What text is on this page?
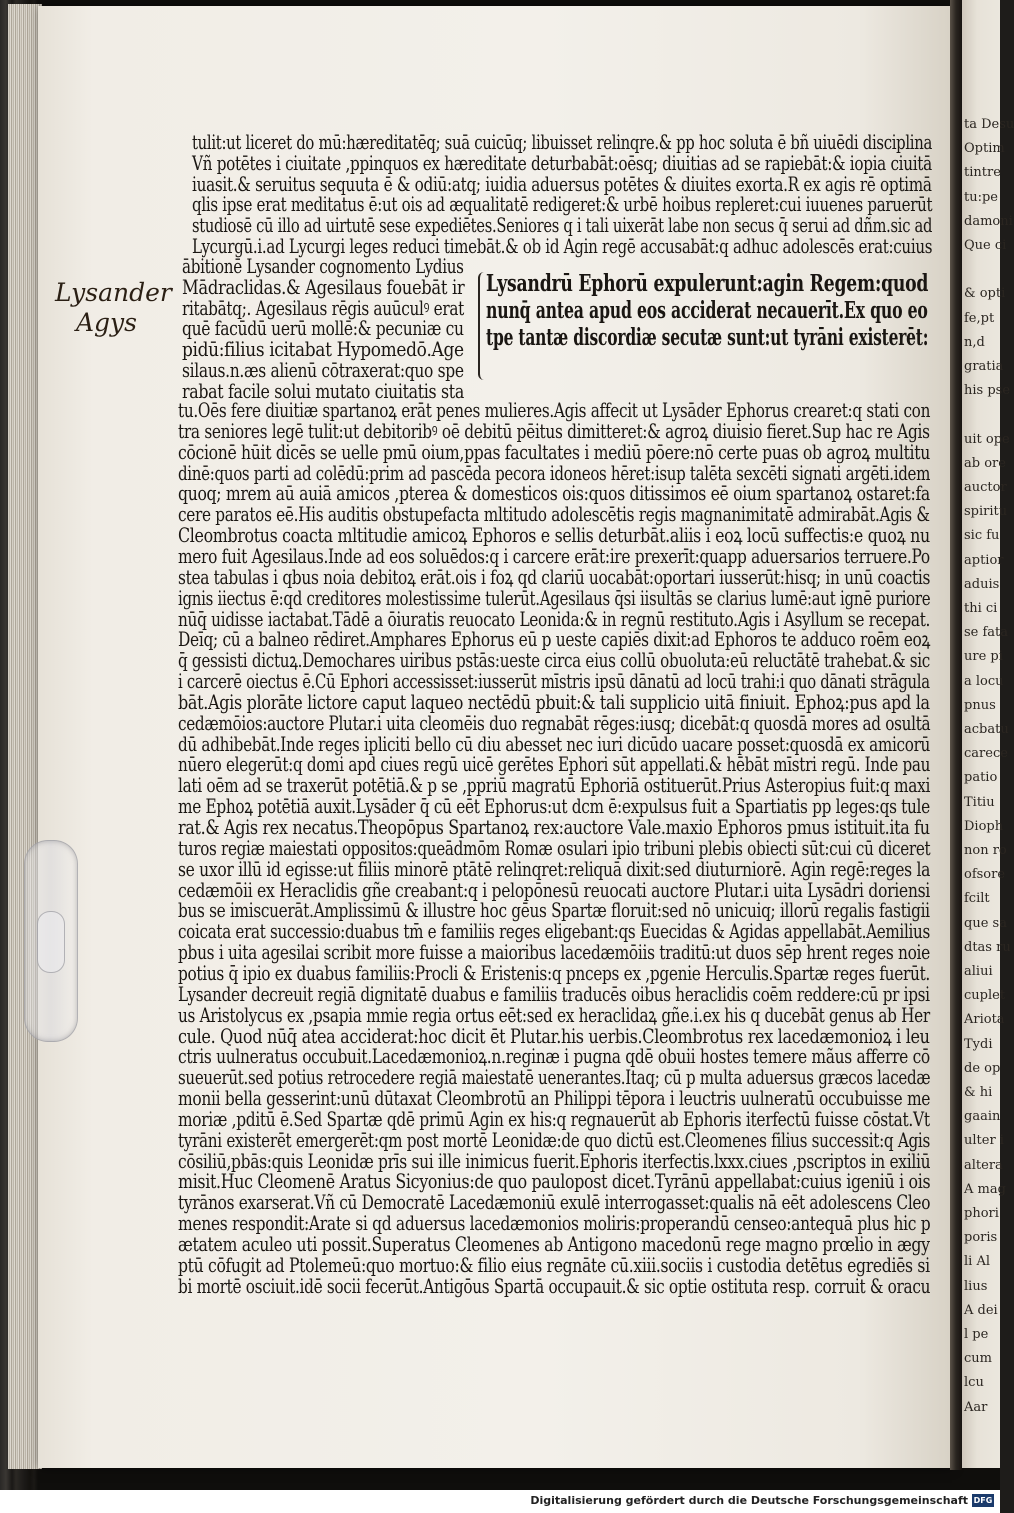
ta Desu
Optim
tintre
tu:pe
damoni
Que ci
& opti
fe,pt
n,d
gratia
his pse
uit ope
ab ore
auctor
spiritu
sic fu
aptior
aduis
thi ci
se fata
ure pi
a locu
pnus
acbatu
carece
patio
Titiu
Dioph
non ro
ofsore
fcilt
que sa
dtas ru
aliui
cuplet
Ariota
Tydi
de op
& hi
gaain
ulter i
altera
A mag
phori
poris
li Al
lius
A dei
l pe
cum
lcu
Aar
Lysander
Agys
tulit:ut liceret do mū:hæreditatēq; suā cuicūq; libuisset relinqre.& pp hoc soluta ē bñ uiuēdi disciplina
Vñ potētes i ciuitate ,ppinquos ex hæreditate deturbabāt:oēsq; diuitias ad se rapiebāt:& iopia ciuitā
iuasit.& seruitus sequuta ē & odiū:atq; iuidia aduersus potētes & diuites exorta.R ex agis rē optimā
qlis ipse erat meditatus ē:ut ois ad æqualitatē redigeret:& urbē hoibus repleret:cui iuuenes paruerūt
studiosē cū illo ad uirtutē sese expediētes.Seniores q i tali uixerāt labe non secus q̄ serui ad dñm.sic ad
Lycurgū.i.ad Lycurgi leges reduci timebāt.& ob id Agin regē accusabāt:q adhuc adolescēs erat:cuius
ābitionē Lysander cognomento Lydius
Mādraclidas.& Agesilaus fouebāt ir
ritabātq;. Agesilaus rēgis auūculꝰ erat
quē facūdū uerū mollē:& pecuniæ cu
pidū:filius icitabat Hypomedō.Age
silaus.n.æs alienū cōtraxerat:quo spe
rabat facile solui mutato ciuitatis sta
Lysandrū Ephorū expulerunt:agin Regem:quod
nunq̄ antea apud eos acciderat necauerīt.Ex quo eo
tpe tantæ discordiæ secutæ sunt:ut tyrāni existerēt:
tu.Oēs fere diuitiæ spartanoꝝ erāt penes mulieres.Agis affecit ut Lysāder Ephorus crearet:q stati con
tra seniores legē tulit:ut debitoribꝰ oē debitū pēitus dimitteret:& agroꝝ diuisio fieret.Sup hac re Agis
cōcionē hūit dicēs se uelle pmū oium,ppas facultates i mediū pōere:nō certe puas ob agroꝝ multitu
dinē:quos parti ad colēdū:prim ad pascēda pecora idoneos hēret:isup talēta sexcēti signati argēti.idem
quoq; mrem aū auiā amicos ,pterea & domesticos ois:quos ditissimos eē oium spartanoꝝ ostaret:fa
cere paratos eē.His auditis obstupefacta mltitudo adolescētis regis magnanimitatē admirabāt.Agis &
Cleombrotus coacta mltitudie amicoꝝ Ephoros e sellis deturbāt.aliis i eoꝝ locū suffectis:e quoꝝ nu
mero fuit Agesilaus.Inde ad eos soluēdos:q i carcere erāt:ire prexerīt:quapp aduersarios terruere.Po
stea tabulas i qbus noia debitoꝝ erāt.ois i foꝝ qd clariū uocabāt:oportari iusserūt:hisq; in unū coactis
ignis iiectus ē:qd creditores molestissime tulerūt.Agesilaus q̄si iisultās se clarius lumē:aut ignē puriore
nūq̄ uidisse iactabat.Tādē a ōiuratis reuocato Leonida:& in regnū restituto.Agis i Asyllum se recepat.
Deīq; cū a balneo rēdiret.Amphares Ephorus eū p ueste capiēs dixit:ad Ephoros te adduco roēm eoꝝ
q̄ gessisti dictuꝝ.Demochares uiribus pstās:ueste circa eius collū obuoluta:eū reluctātē trahebat.& sic
i carcerē oiectus ē.Cū Ephori accessisset:iusserūt mīstris ipsū dānatū ad locū trahi:i quo dānati strāgula
bāt.Agis plorāte lictore caput laqueo nectēdū pbuit:& tali supplicio uitā finiuit. Ephoꝝ:pus apd la
cedæmōios:auctore Plutar.i uita cleomēis duo regnabāt rēges:iusq; dicebāt:q quosdā mores ad osultā
dū adhibebāt.Inde reges ipliciti bello cū diu abesset nec iuri dicūdo uacare posset:quosdā ex amicorū
nūero elegerūt:q domi apd ciues regū uicē gerētes Ephori sūt appellati.& hēbāt mīstri regū. Inde pau
lati oēm ad se traxerūt potētiā.& p se ,ppriū magratū Ephoriā ostituerūt.Prius Asteropius fuit:q maxi
me Ephoꝝ potētiā auxit.Lysāder q̄ cū eēt Ephorus:ut dcm ē:expulsus fuit a Spartiatis pp leges:qs tule
rat.& Agis rex necatus.Theopōpus Spartanoꝝ rex:auctore Vale.maxio Ephoros pmus istituit.ita fu
turos regiæ maiestati oppositos:queādmōm Romæ osulari ipio tribuni plebis obiecti sūt:cui cū diceret
se uxor illū id egisse:ut filiis minorē ptātē relinqret:reliquā dixit:sed diuturniorē. Agin regē:reges la
cedæmōii ex Heraclidis gñe creabant:q i pelopōnesū reuocati auctore Plutar.i uita Lysādri doriensi
bus se imiscuerāt.Amplissimū & illustre hoc gēus Spartæ floruit:sed nō unicuiq; illorū regalis fastigii
coicata erat successio:duabus tm̄ e familiis reges eligebant:qs Euecidas & Agidas appellabāt.Aemilius
pbus i uita agesilai scribit more fuisse a maioribus lacedæmōiis traditū:ut duos sēp hrent reges noie
potius q̄ ipio ex duabus familiis:Procli & Eristenis:q pnceps ex ,pgenie Herculis.Spartæ reges fuerūt.
Lysander decreuit regiā dignitatē duabus e familiis traducēs oibus heraclidis coēm reddere:cū pr ipsi
us Aristolycus ex ,psapia mmie regia ortus eēt:sed ex heraclidaꝝ gñe.i.ex his q ducebāt genus ab Her
cule. Quod nūq̄ atea acciderat:hoc dicit ēt Plutar.his uerbis.Cleombrotus rex lacedæmonioꝝ i leu
ctris uulneratus occubuit.Lacedæmonioꝝ.n.reginæ i pugna qdē obuii hostes temere mãus afferre cō
sueuerūt.sed potius retrocedere regiā maiestatē uenerantes.Itaq; cū p multa aduersus græcos lacedæ
monii bella gesserint:unū dūtaxat Cleombrotū an Philippi tēpora i leuctris uulneratū occubuisse me
moriæ ,pditū ē.Sed Spartæ qdē primū Agin ex his:q regnauerūt ab Ephoris iterfectū fuisse cōstat.Vt
tyrāni existerēt emergerēt:qm post mortē Leonidæ:de quo dictū est.Cleomenes filius successit:q Agis
cōsiliū,pbās:quis Leonidæ prīs sui ille inimicus fuerit.Ephoris iterfectis.lxxx.ciues ,pscriptos in exiliū
misit.Huc Cleomenē Aratus Sicyonius:de quo paulopost dicet.Tyrānū appellabat:cuius igeniū i ois
tyrānos exarserat.Vñ cū Democratē Lacedæmoniū exulē interrogasset:qualis nā eēt adolescens Cleo
menes respondit:Arate si qd aduersus lacedæmonios moliris:properandū censeo:antequā plus hic p
ætatem aculeo uti possit.Superatus Cleomenes ab Antigono macedonū rege magno prœlio in ægy
ptū cōfugit ad Ptolemeū:quo mortuo:& filio eius regnāte cū.xiii.sociis i custodia detētus egrediēs si
bi mortē osciuit.idē socii fecerūt.Antigōus Spartā occupauit.& sic optie ostituta resp. corruit & oracu
Digitalisierung gefördert durch die Deutsche Forschungsgemeinschaft DFG
